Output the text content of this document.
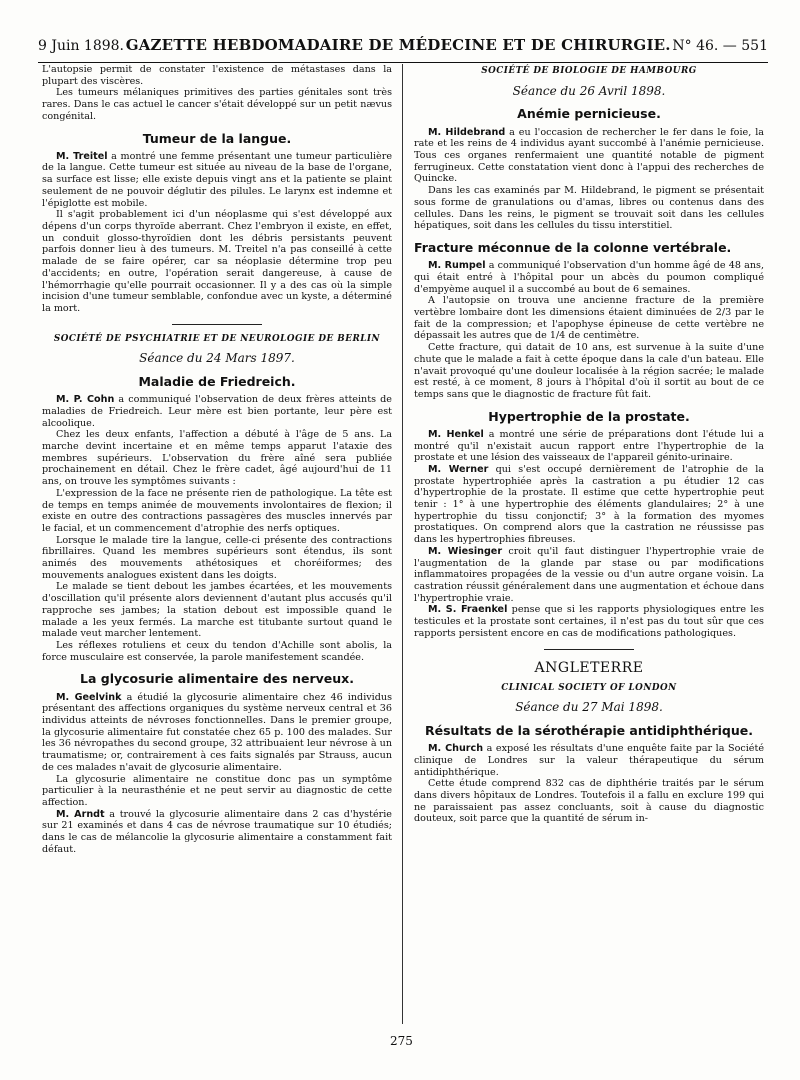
9 Juin 1898. GAZETTE HEBDOMADAIRE DE MÉDECINE ET DE CHIRURGIE. N° 46. — 551

L'autopsie permit de constater l'existence de métastases dans la plupart des viscères.

Les tumeurs mélaniques primitives des parties génitales sont très rares. Dans le cas actuel le cancer s'était développé sur un petit nævus congénital.

Tumeur de la langue.

M. Treitel a montré une femme présentant une tumeur particulière de la langue. Cette tumeur est située au niveau de la base de l'organe, sa surface est lisse; elle existe depuis vingt ans et la patiente se plaint seulement de ne pouvoir déglutir des pilules. Le larynx est indemne et l'épiglotte est mobile.

Il s'agit probablement ici d'un néoplasme qui s'est développé aux dépens d'un corps thyroïde aberrant. Chez l'embryon il existe, en effet, un conduit glosso-thyroïdien dont les débris persistants peuvent parfois donner lieu à des tumeurs. M. Treitel n'a pas conseillé à cette malade de se faire opérer, car sa néoplasie détermine trop peu d'accidents; en outre, l'opération serait dangereuse, à cause de l'hémorrhagie qu'elle pourrait occasionner. Il y a des cas où la simple incision d'une tumeur semblable, confondue avec un kyste, a déterminé la mort.

SOCIÉTÉ DE PSYCHIATRIE ET DE NEUROLOGIE DE BERLIN
Séance du 24 Mars 1897.
Maladie de Friedreich.

M. P. Cohn a communiqué l'observation de deux frères atteints de maladies de Friedreich. Leur mère est bien portante, leur père est alcoolique.

Chez les deux enfants, l'affection a débuté à l'âge de 5 ans. La marche devint incertaine et en même temps apparut l'ataxie des membres supérieurs. L'observation du frère aîné sera publiée prochainement en détail. Chez le frère cadet, âgé aujourd'hui de 11 ans, on trouve les symptômes suivants :

L'expression de la face ne présente rien de pathologique. La tête est de temps en temps animée de mouvements involontaires de flexion; il existe en outre des contractions passagères des muscles innervés par le facial, et un commencement d'atrophie des nerfs optiques.

Lorsque le malade tire la langue, celle-ci présente des contractions fibrillaires. Quand les membres supérieurs sont étendus, ils sont animés des mouvements athétosiques et choréiformes; des mouvements analogues existent dans les doigts.

Le malade se tient debout les jambes écartées, et les mouvements d'oscillation qu'il présente alors deviennent d'autant plus accusés qu'il rapproche ses jambes; la station debout est impossible quand le malade a les yeux fermés. La marche est titubante surtout quand le malade veut marcher lentement.

Les réflexes rotuliens et ceux du tendon d'Achille sont abolis, la force musculaire est conservée, la parole manifestement scandée.

La glycosurie alimentaire des nerveux.

M. Geelvink a étudié la glycosurie alimentaire chez 46 individus présentant des affections organiques du système nerveux central et 36 individus atteints de névroses fonctionnelles. Dans le premier groupe, la glycosurie alimentaire fut constatée chez 65 p. 100 des malades. Sur les 36 névropathes du second groupe, 32 attribuaient leur névrose à un traumatisme; or, contrairement à ces faits signalés par Strauss, aucun de ces malades n'avait de glycosurie alimentaire.

La glycosurie alimentaire ne constitue donc pas un symptôme particulier à la neurasthénie et ne peut servir au diagnostic de cette affection.

M. Arndt a trouvé la glycosurie alimentaire dans 2 cas d'hystérie sur 21 examinés et dans 4 cas de névrose traumatique sur 10 étudiés; dans le cas de mélancolie la glycosurie alimentaire a constamment fait défaut.

SOCIÉTÉ DE BIOLOGIE DE HAMBOURG
Séance du 26 Avril 1898.
Anémie pernicieuse.

M. Hildebrand a eu l'occasion de rechercher le fer dans le foie, la rate et les reins de 4 individus ayant succombé à l'anémie pernicieuse. Tous ces organes renfermaient une quantité notable de pigment ferrugineux. Cette constatation vient donc à l'appui des recherches de Quincke.

Dans les cas examinés par M. Hildebrand, le pigment se présentait sous forme de granulations ou d'amas, libres ou contenus dans des cellules. Dans les reins, le pigment se trouvait soit dans les cellules hépatiques, soit dans les cellules du tissu interstitiel.

Fracture méconnue de la colonne vertébrale.

M. Rumpel a communiqué l'observation d'un homme âgé de 48 ans, qui était entré à l'hôpital pour un abcès du poumon compliqué d'empyème auquel il a succombé au bout de 6 semaines.

A l'autopsie on trouva une ancienne fracture de la première vertèbre lombaire dont les dimensions étaient diminuées de 2/3 par le fait de la compression; et l'apophyse épineuse de cette vertèbre ne dépassait les autres que de 1/4 de centimètre.

Cette fracture, qui datait de 10 ans, est survenue à la suite d'une chute que le malade a fait à cette époque dans la cale d'un bateau. Elle n'avait provoqué qu'une douleur localisée à la région sacrée; le malade est resté, à ce moment, 8 jours à l'hôpital d'où il sortit au bout de ce temps sans que le diagnostic de fracture fût fait.

Hypertrophie de la prostate.

M. Henkel a montré une série de préparations dont l'étude lui a montré qu'il n'existait aucun rapport entre l'hypertrophie de la prostate et une lésion des vaisseaux de l'appareil génito-urinaire.

M. Werner qui s'est occupé dernièrement de l'atrophie de la prostate hypertrophiée après la castration a pu étudier 12 cas d'hypertrophie de la prostate. Il estime que cette hypertrophie peut tenir : 1° à une hypertrophie des éléments glandulaires; 2° à une hypertrophie du tissu conjonctif; 3° à la formation des myomes prostatiques. On comprend alors que la castration ne réussisse pas dans les hypertrophies fibreuses.

M. Wiesinger croit qu'il faut distinguer l'hypertrophie vraie de l'augmentation de la glande par stase ou par modifications inflammatoires propagées de la vessie ou d'un autre organe voisin. La castration réussit généralement dans une augmentation et échoue dans l'hypertrophie vraie.

M. S. Fraenkel pense que si les rapports physiologiques entre les testicules et la prostate sont certaines, il n'est pas du tout sûr que ces rapports persistent encore en cas de modifications pathologiques.

ANGLETERRE
CLINICAL SOCIETY OF LONDON
Séance du 27 Mai 1898.
Résultats de la sérothérapie antidiphthérique.

M. Church a exposé les résultats d'une enquête faite par la Société clinique de Londres sur la valeur thérapeutique du sérum antidiphthérique.

Cette étude comprend 832 cas de diphthérie traités par le sérum dans divers hôpitaux de Londres. Toutefois il a fallu en exclure 199 qui ne paraissaient pas assez concluants, soit à cause du diagnostic douteux, soit parce que la quantité de sérum in-

275
